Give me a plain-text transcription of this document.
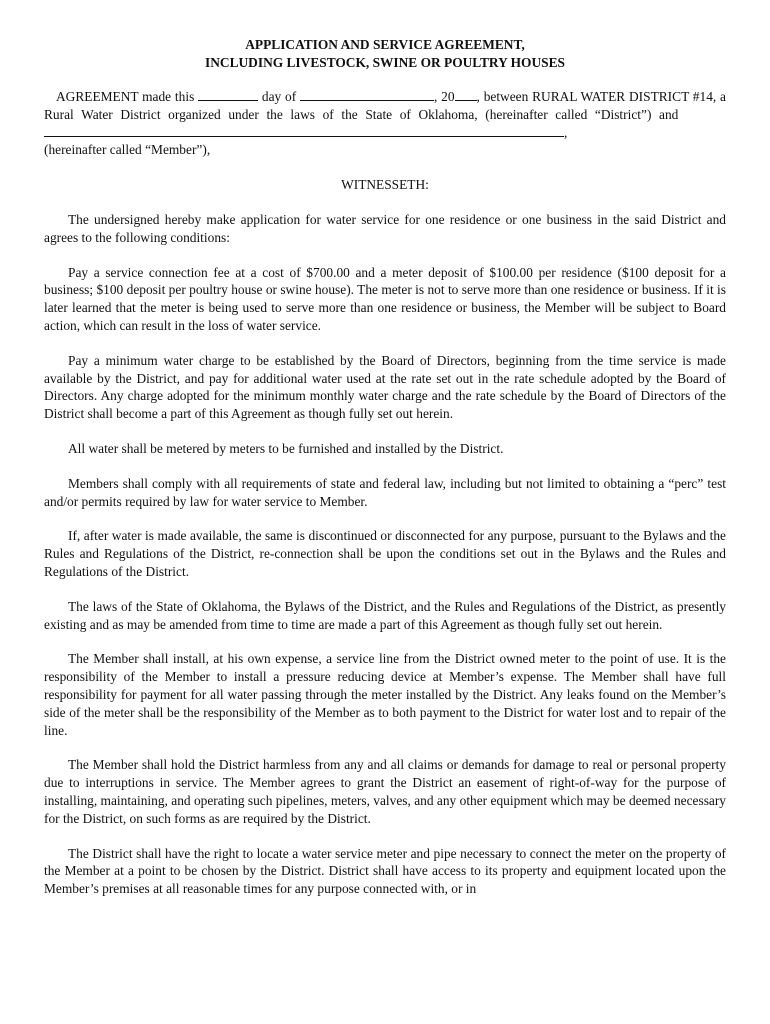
APPLICATION AND SERVICE AGREEMENT,
INCLUDING LIVESTOCK, SWINE OR POULTRY HOUSES

AGREEMENT made this	day of	, 20 , between RURAL WATER DISTRICT #14, a Rural Water District organized under the laws of the State of Oklahoma, (hereinafter called “District”) and  ,
(hereinafter called “Member”),

WITNESSETH:

The undersigned hereby make application for water service for one residence or one business in the said District and agrees to the following conditions:

Pay a service connection fee at a cost of $700.00 and a meter deposit of $100.00 per residence ($100 deposit for a business; $100 deposit per poultry house or swine house). The meter is not to serve more than one residence or business. If it is later learned that the meter is being used to serve more than one residence or business, the Member will be subject to Board action, which can result in the loss of water service.

Pay a minimum water charge to be established by the Board of Directors, beginning from the time service is made available by the District, and pay for additional water used at the rate set out in the rate schedule adopted by the Board of Directors. Any charge adopted for the minimum monthly water charge and the rate schedule by the Board of Directors of the District shall become a part of this Agreement as though fully set out herein.

All water shall be metered by meters to be furnished and installed by the District.

Members shall comply with all requirements of state and federal law, including but not limited to obtaining a “perc” test and/or permits required by law for water service to Member.

If, after water is made available, the same is discontinued or disconnected for any purpose, pursuant to the Bylaws and the Rules and Regulations of the District, re-connection shall be upon the conditions set out in the Bylaws and the Rules and Regulations of the District.

The laws of the State of Oklahoma, the Bylaws of the District, and the Rules and Regulations of the District, as presently existing and as may be amended from time to time are made a part of this Agreement as though fully set out herein.

The Member shall install, at his own expense, a service line from the District owned meter to the point of use. It is the responsibility of the Member to install a pressure reducing device at Member’s expense. The Member shall have full responsibility for payment for all water passing through the meter installed by the District. Any leaks found on the Member’s side of the meter shall be the responsibility of the Member as to both payment to the District for water lost and to repair of the line.

The Member shall hold the District harmless from any and all claims or demands for damage to real or personal property due to interruptions in service. The Member agrees to grant the District an easement of right-of-way for the purpose of installing, maintaining, and operating such pipelines, meters, valves, and any other equipment which may be deemed necessary for the District, on such forms as are required by the District.

The District shall have the right to locate a water service meter and pipe necessary to connect the meter on the property of the Member at a point to be chosen by the District. District shall have access to its property and equipment located upon the Member’s premises at all reasonable times for any purpose connected with, or in
